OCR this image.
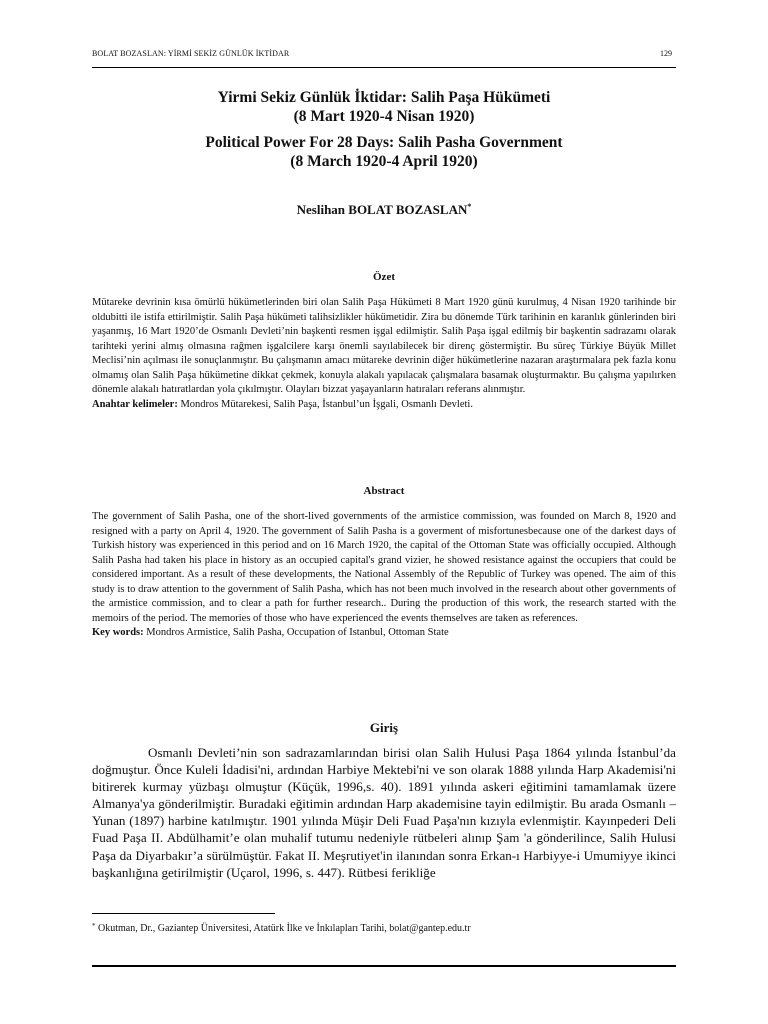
BOLAT BOZASLAN: YİRMİ SEKİZ GÜNLÜK İKTİDAR	129
Yirmi Sekiz Günlük İktidar: Salih Paşa Hükümeti
(8 Mart 1920-4 Nisan 1920)
Political Power For 28 Days: Salih Pasha Government
(8 March 1920-4 April 1920)
Neslihan BOLAT BOZASLAN*
Özet

Mütareke devrinin kısa ömürlü hükümetlerinden biri olan Salih Paşa Hükümeti 8 Mart 1920 günü kurulmuş, 4 Nisan 1920 tarihinde bir oldubitti ile istifa ettirilmiştir. Salih Paşa hükümeti talihsizlikler hükümetidir. Zira bu dönemde Türk tarihinin en karanlık günlerinden biri yaşanmış, 16 Mart 1920’de Osmanlı Devleti’nin başkenti resmen işgal edilmiştir. Salih Paşa işgal edilmiş bir başkentin sadrazamı olarak tarihteki yerini almış olmasına rağmen işgalcilere karşı önemli sayılabilecek bir direnç göstermiştir. Bu süreç Türkiye Büyük Millet Meclisi’nin açılması ile sonuçlanmıştır. Bu çalışmanın amacı mütareke devrinin diğer hükümetlerine nazaran araştırmalara pek fazla konu olmamış olan Salih Paşa hükümetine dikkat çekmek, konuyla alakalı yapılacak çalışmalara basamak oluşturmaktır. Bu çalışma yapılırken dönemle alakalı hatıratlardan yola çıkılmıştır. Olayları bizzat yaşayanların hatıraları referans alınmıştır.

Anahtar kelimeler: Mondros Mütarekesi, Salih Paşa, İstanbul’un İşgali, Osmanlı Devleti.

Abstract

The government of Salih Pasha, one of the short-lived governments of the armistice commission, was founded on March 8, 1920 and resigned with a party on April 4, 1920. The government of Salih Pasha is a goverment of misfortunesbecause one of the darkest days of Turkish history was experienced in this period and on 16 March 1920, the capital of the Ottoman State was officially occupied. Although Salih Pasha had taken his place in history as an occupied capital's grand vizier, he showed resistance against the occupiers that could be considered important. As a result of these developments, the National Assembly of the Republic of Turkey was opened. The aim of this study is to draw attention to the government of Salih Pasha, which has not been much involved in the research about other governments of the armistice commission, and to clear a path for further research.. During the production of this work, the research started with the memoirs of the period. The memories of those who have experienced the events themselves are taken as references.

Key words: Mondros Armistice, Salih Pasha, Occupation of Istanbul, Ottoman State

Giriş

Osmanlı Devleti’nin son sadrazamlarından birisi olan Salih Hulusi Paşa 1864 yılında İstanbul’da doğmuştur. Önce Kuleli İdadisi'ni, ardından Harbiye Mektebi'ni ve son olarak 1888 yılında Harp Akademisi'ni bitirerek kurmay yüzbaşı olmuştur (Küçük, 1996,s. 40). 1891 yılında askeri eğitimini tamamlamak üzere Almanya'ya gönderilmiştir. Buradaki eğitimin ardından Harp akademisine tayin edilmiştir. Bu arada Osmanlı –Yunan (1897) harbine katılmıştır. 1901 yılında Müşir Deli Fuad Paşa'nın kızıyla evlenmiştir. Kayınpederi Deli Fuad Paşa II. Abdülhamit’e olan muhalif tutumu nedeniyle rütbeleri alınıp Şam 'a gönderilince, Salih Hulusi Paşa da Diyarbakır’a sürülmüştür. Fakat II. Meşrutiyet'in ilanından sonra Erkan-ı Harbiyye-i Umumiyye ikinci başkanlığına getirilmiştir (Uçarol, 1996, s. 447). Rütbesi ferikliğe

* Okutman, Dr., Gaziantep Üniversitesi, Atatürk İlke ve İnkılapları Tarihi, bolat@gantep.edu.tr
